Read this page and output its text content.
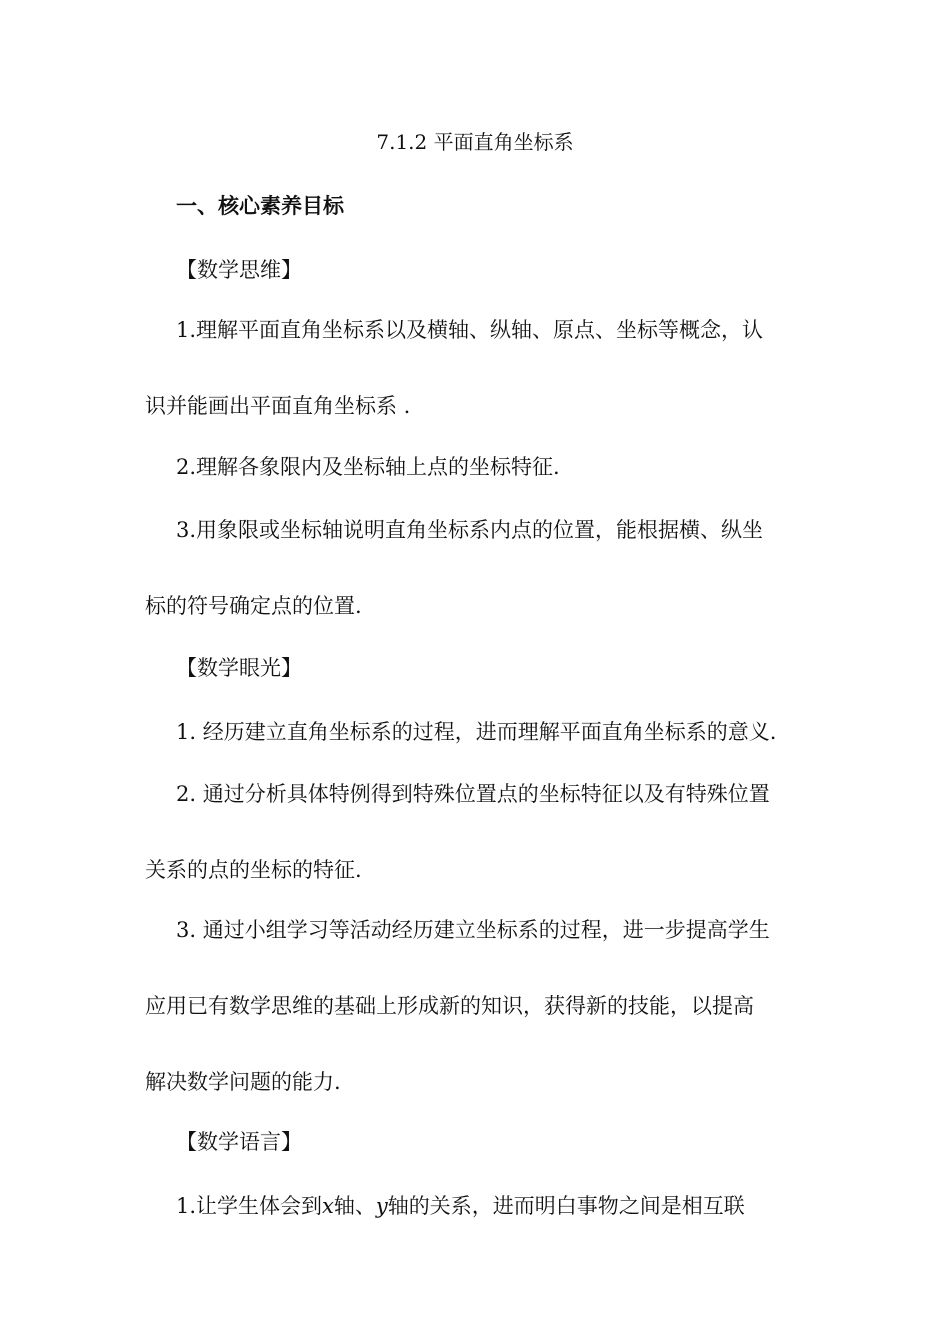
7.1.2 平面直角坐标系
一、核心素养目标
【数学思维】
1.理解平面直角坐标系以及横轴、纵轴、原点、坐标等概念，认
识并能画出平面直角坐标系 .
2.理解各象限内及坐标轴上点的坐标特征.
3.用象限或坐标轴说明直角坐标系内点的位置，能根据横、纵坐
标的符号确定点的位置.
【数学眼光】
1. 经历建立直角坐标系的过程，进而理解平面直角坐标系的意义.
2. 通过分析具体特例得到特殊位置点的坐标特征以及有特殊位置
关系的点的坐标的特征.
3. 通过小组学习等活动经历建立坐标系的过程，进一步提高学生
应用已有数学思维的基础上形成新的知识，获得新的技能，以提高
解决数学问题的能力.
【数学语言】
1.让学生体会到x轴、y轴的关系，进而明白事物之间是相互联
